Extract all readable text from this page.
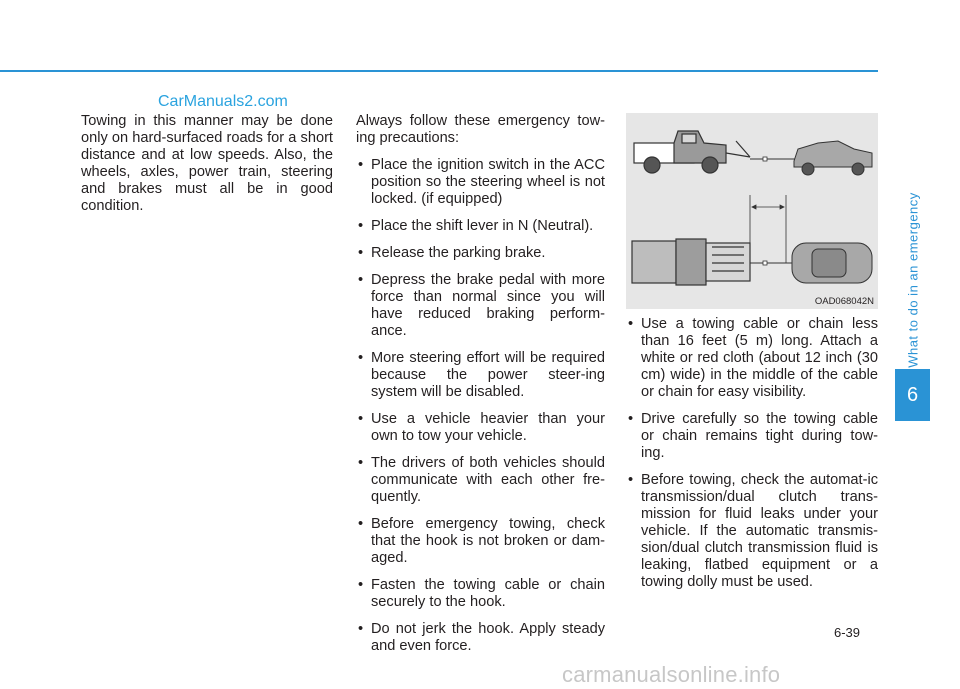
CarManuals2.com

Towing in this manner may be done only on hard-surfaced roads for a short distance and at low speeds. Also, the wheels, axles, power train, steering and brakes must all be in good condition.

Always follow these emergency tow-ing precautions:

• Place the ignition switch in the ACC position so the steering wheel is not locked. (if equipped)
• Place the shift lever in N (Neutral).
• Release the parking brake.
• Depress the brake pedal with more force than normal since you will have reduced braking perform-ance.
• More steering effort will be required because the power steer-ing system will be disabled.
• Use a vehicle heavier than your own to tow your vehicle.
• The drivers of both vehicles should communicate with each other fre-quently.
• Before emergency towing, check that the hook is not broken or dam-aged.
• Fasten the towing cable or chain securely to the hook.
• Do not jerk the hook. Apply steady and even force.
OAD068042N
• Use a towing cable or chain less than 16 feet (5 m) long. Attach a white or red cloth (about 12 inch (30 cm) wide) in the middle of the cable or chain for easy visibility.
• Drive carefully so the towing cable or chain remains tight during tow-ing.
• Before towing, check the automat-ic transmission/dual clutch trans-mission for fluid leaks under your vehicle. If the automatic transmis-sion/dual clutch transmission fluid is leaking, flatbed equipment or a towing dolly must be used.
What to do in an emergency
6
6-39
carmanualsonline.info
